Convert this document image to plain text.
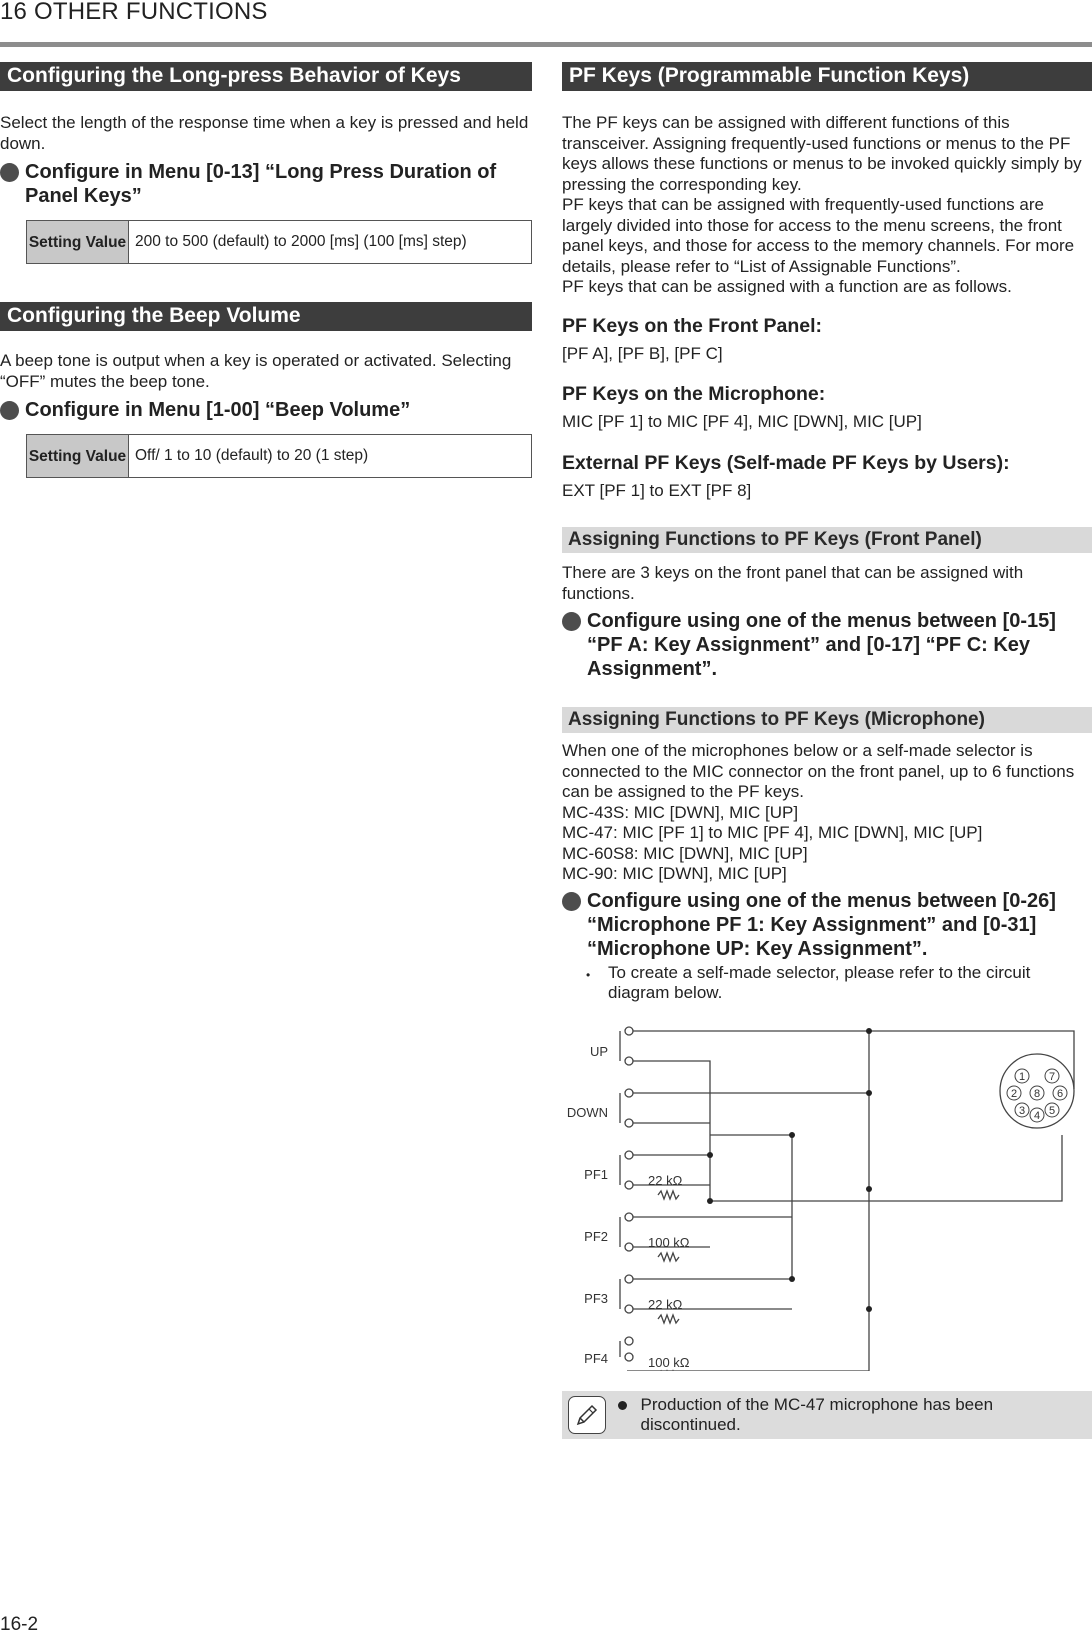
16 OTHER FUNCTIONS
Configuring the Long-press Behavior of Keys

Select the length of the response time when a key is pressed and held down.

Configure in Menu [0-13] “Long Press Duration of Panel Keys”
Setting Value	200 to 500 (default) to 2000 [ms] (100 [ms] step)
Configuring the Beep Volume

A beep tone is output when a key is operated or activated. Selecting “OFF” mutes the beep tone.

Configure in Menu [1-00] “Beep Volume”
Setting Value	Off/ 1 to 10 (default) to 20 (1 step)
PF Keys (Programmable Function Keys)

The PF keys can be assigned with different functions of this transceiver. Assigning frequently-used functions or menus to the PF keys allows these functions or menus to be invoked quickly simply by pressing the corresponding key.

PF keys that can be assigned with frequently-used functions are largely divided into those for access to the menu screens, the front panel keys, and those for access to the memory channels. For more details, please refer to “List of Assignable Functions”.

PF keys that can be assigned with a function are as follows.

PF Keys on the Front Panel:

[PF A], [PF B], [PF C]

PF Keys on the Microphone:

MIC [PF 1] to MIC [PF 4], MIC [DWN], MIC [UP]

External PF Keys (Self-made PF Keys by Users):

EXT [PF 1] to EXT [PF 8]

Assigning Functions to PF Keys (Front Panel)

There are 3 keys on the front panel that can be assigned with functions.

Configure using one of the menus between [0-15] “PF A: Key Assignment” and [0-17] “PF C: Key Assignment”.
Assigning Functions to PF Keys (Microphone)

When one of the microphones below or a self-made selector is connected to the MIC connector on the front panel, up to 6 functions can be assigned to the PF keys.

MC-43S: MIC [DWN], MIC [UP]

MC-47: MIC [PF 1] to MIC [PF 4], MIC [DWN], MIC [UP]

MC-60S8: MIC [DWN], MIC [UP]

MC-90: MIC [DWN], MIC [UP]

Configure using one of the menus between [0-26] “Microphone PF 1: Key Assignment” and [0-31] “Microphone UP: Key Assignment”.
•	To create a self-made selector, please refer to the circuit diagram below.
UP
DOWN
PF1
PF2
PF3
PF4
22 kΩ
100 kΩ
22 kΩ
100 kΩ
1 7
2 8 6
3 4 5
Production of the MC-47 microphone has been discontinued.
16-2
